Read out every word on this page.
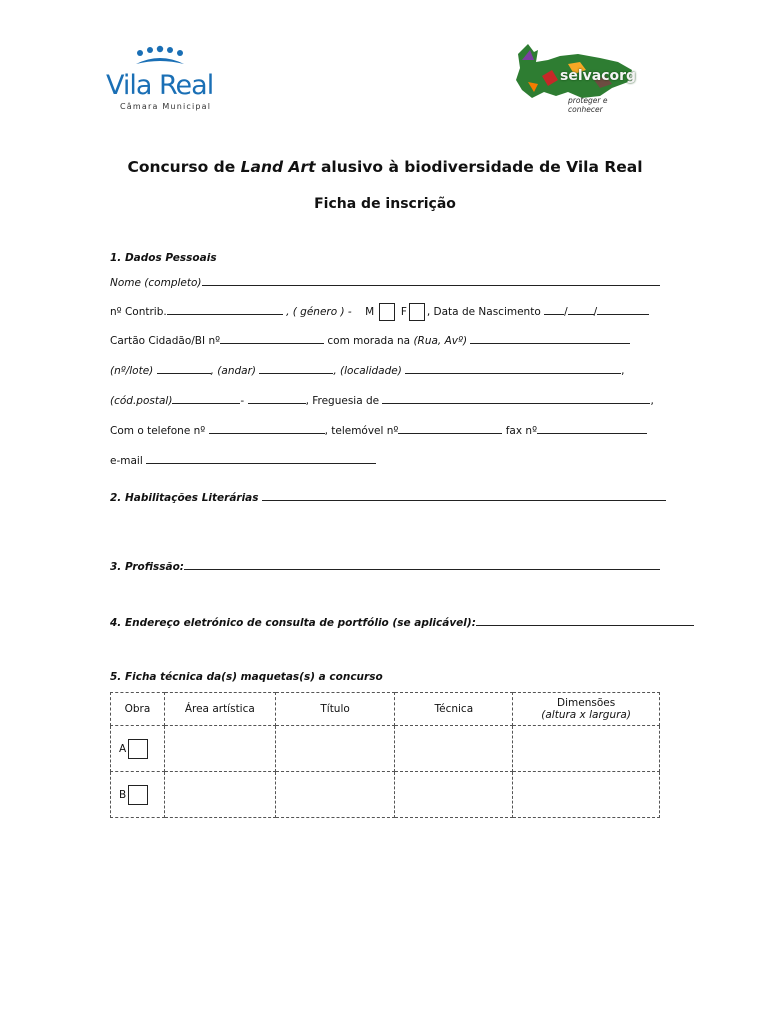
Vila Real
Câmara Municipal
selvacorg
proteger e conhecer
Concurso de Land Art alusivo à biodiversidade de Vila Real
Ficha de inscrição
1. Dados Pessoais
Nome (completo)
nº Contrib.	, ( género ) - M	F , Data de Nascimento / /
Cartão Cidadão/BI nº	com morada na (Rua, Avº)
(nº/lote)	, (andar)	, (localidade)	,
(cód.postal)	-	, Freguesia de	,
Com o telefone nº	, telemóvel nº	fax nº
e-mail
2. Habilitações Literárias
3. Profissão:
4. Endereço eletrónico de consulta de portfólio (se aplicável):
5. Ficha técnica da(s) maquetas(s) a concurso
Obra	Área artística	Título	Técnica	Dimensões
(altura x largura)

A				
B				
